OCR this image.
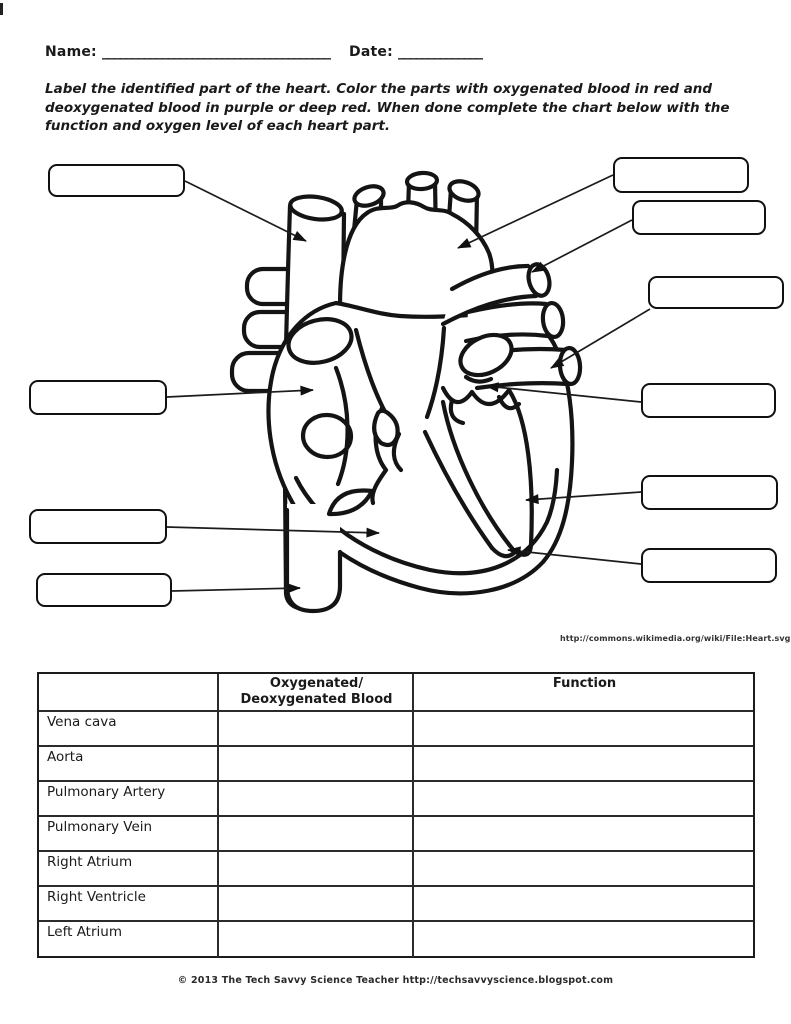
Name: ______________________________________ Date: ______________
Label the identified part of the heart. Color the parts with oxygenated blood in red and
deoxygenated blood in purple or deep red. When done complete the chart below with the
function and oxygen level of each heart part.
http://commons.wikimedia.org/wiki/File:Heart.svg
Oxygenated/
Deoxygenated Blood
Function
Vena cava
Aorta
Pulmonary Artery
Pulmonary Vein
Right Atrium
Right Ventricle
Left Atrium
© 2013 The Tech Savvy Science Teacher http://techsavvyscience.blogspot.com
